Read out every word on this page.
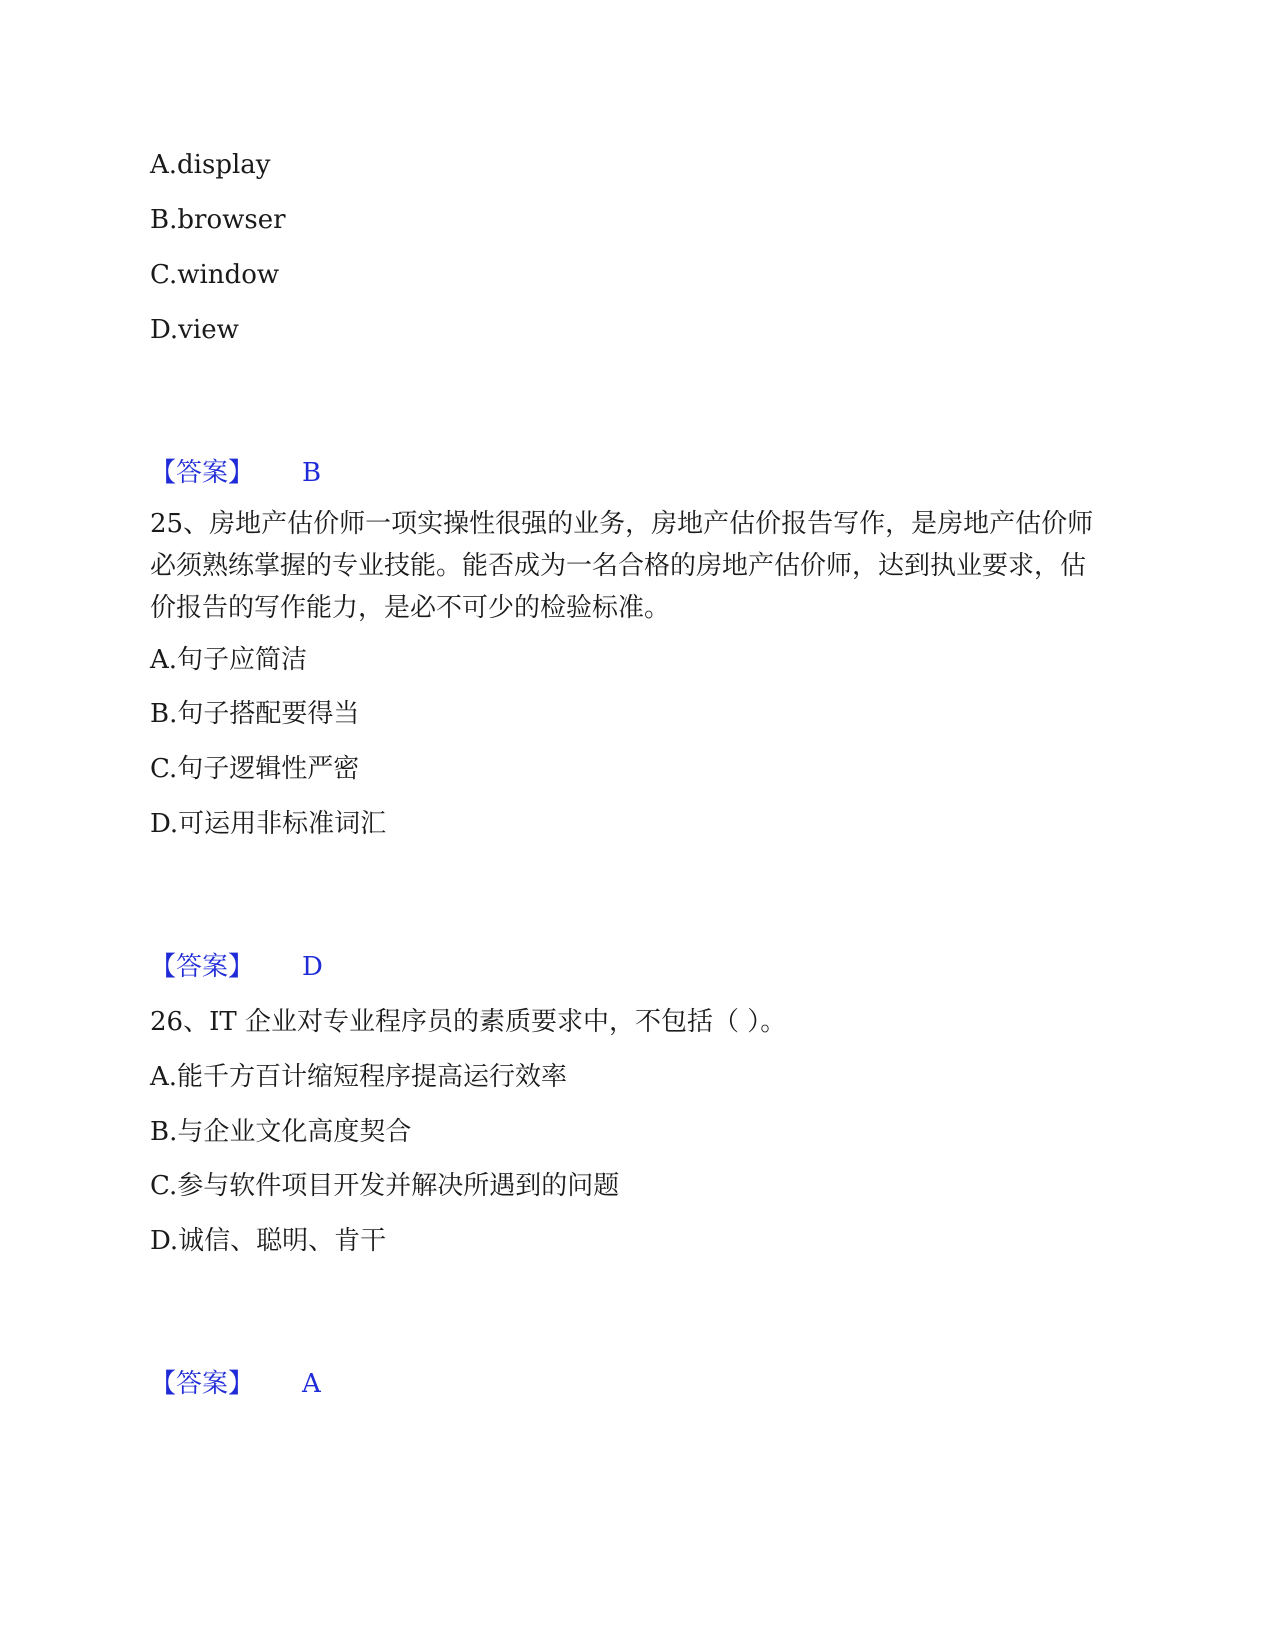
A.display
B.browser
C.window
D.view
【答案】 B
25、房地产估价师一项实操性很强的业务，房地产估价报告写作，是房地产估价师必须熟练掌握的专业技能。能否成为一名合格的房地产估价师，达到执业要求，估价报告的写作能力，是必不可少的检验标准。
A.句子应简洁
B.句子搭配要得当
C.句子逻辑性严密
D.可运用非标准词汇
【答案】 D
26、IT 企业对专业程序员的素质要求中，不包括（ ）。
A.能千方百计缩短程序提高运行效率
B.与企业文化高度契合
C.参与软件项目开发并解决所遇到的问题
D.诚信、聪明、肯干
【答案】 A
